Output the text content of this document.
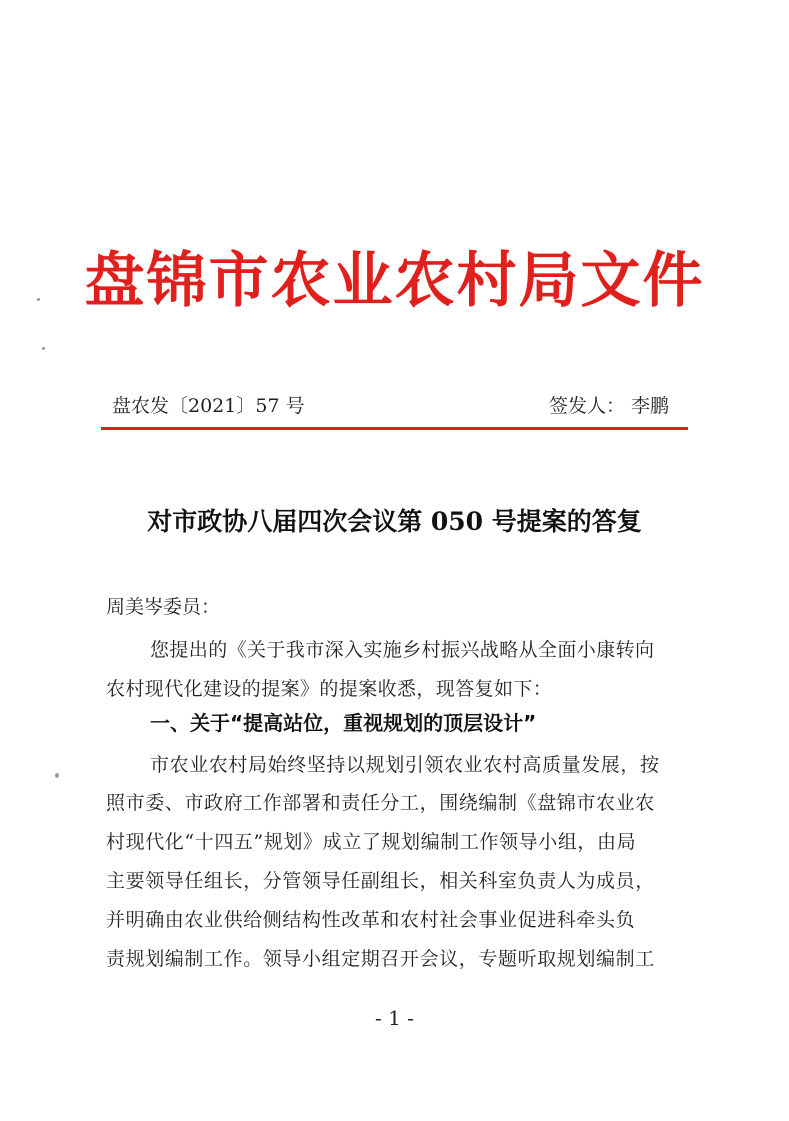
盘锦市农业农村局文件
盘农发〔2021〕57 号	签发人： 李鹏
对市政协八届四次会议第 050 号提案的答复
周美岑委员：
您提出的《关于我市深入实施乡村振兴战略从全面小康转向
农村现代化建设的提案》的提案收悉，现答复如下：
一、关于“提高站位，重视规划的顶层设计”
市农业农村局始终坚持以规划引领农业农村高质量发展，按
照市委、市政府工作部署和责任分工，围绕编制《盘锦市农业农
村现代化“十四五”规划》成立了规划编制工作领导小组，由局
主要领导任组长，分管领导任副组长，相关科室负责人为成员，
并明确由农业供给侧结构性改革和农村社会事业促进科牵头负
责规划编制工作。领导小组定期召开会议，专题听取规划编制工
- 1 -
